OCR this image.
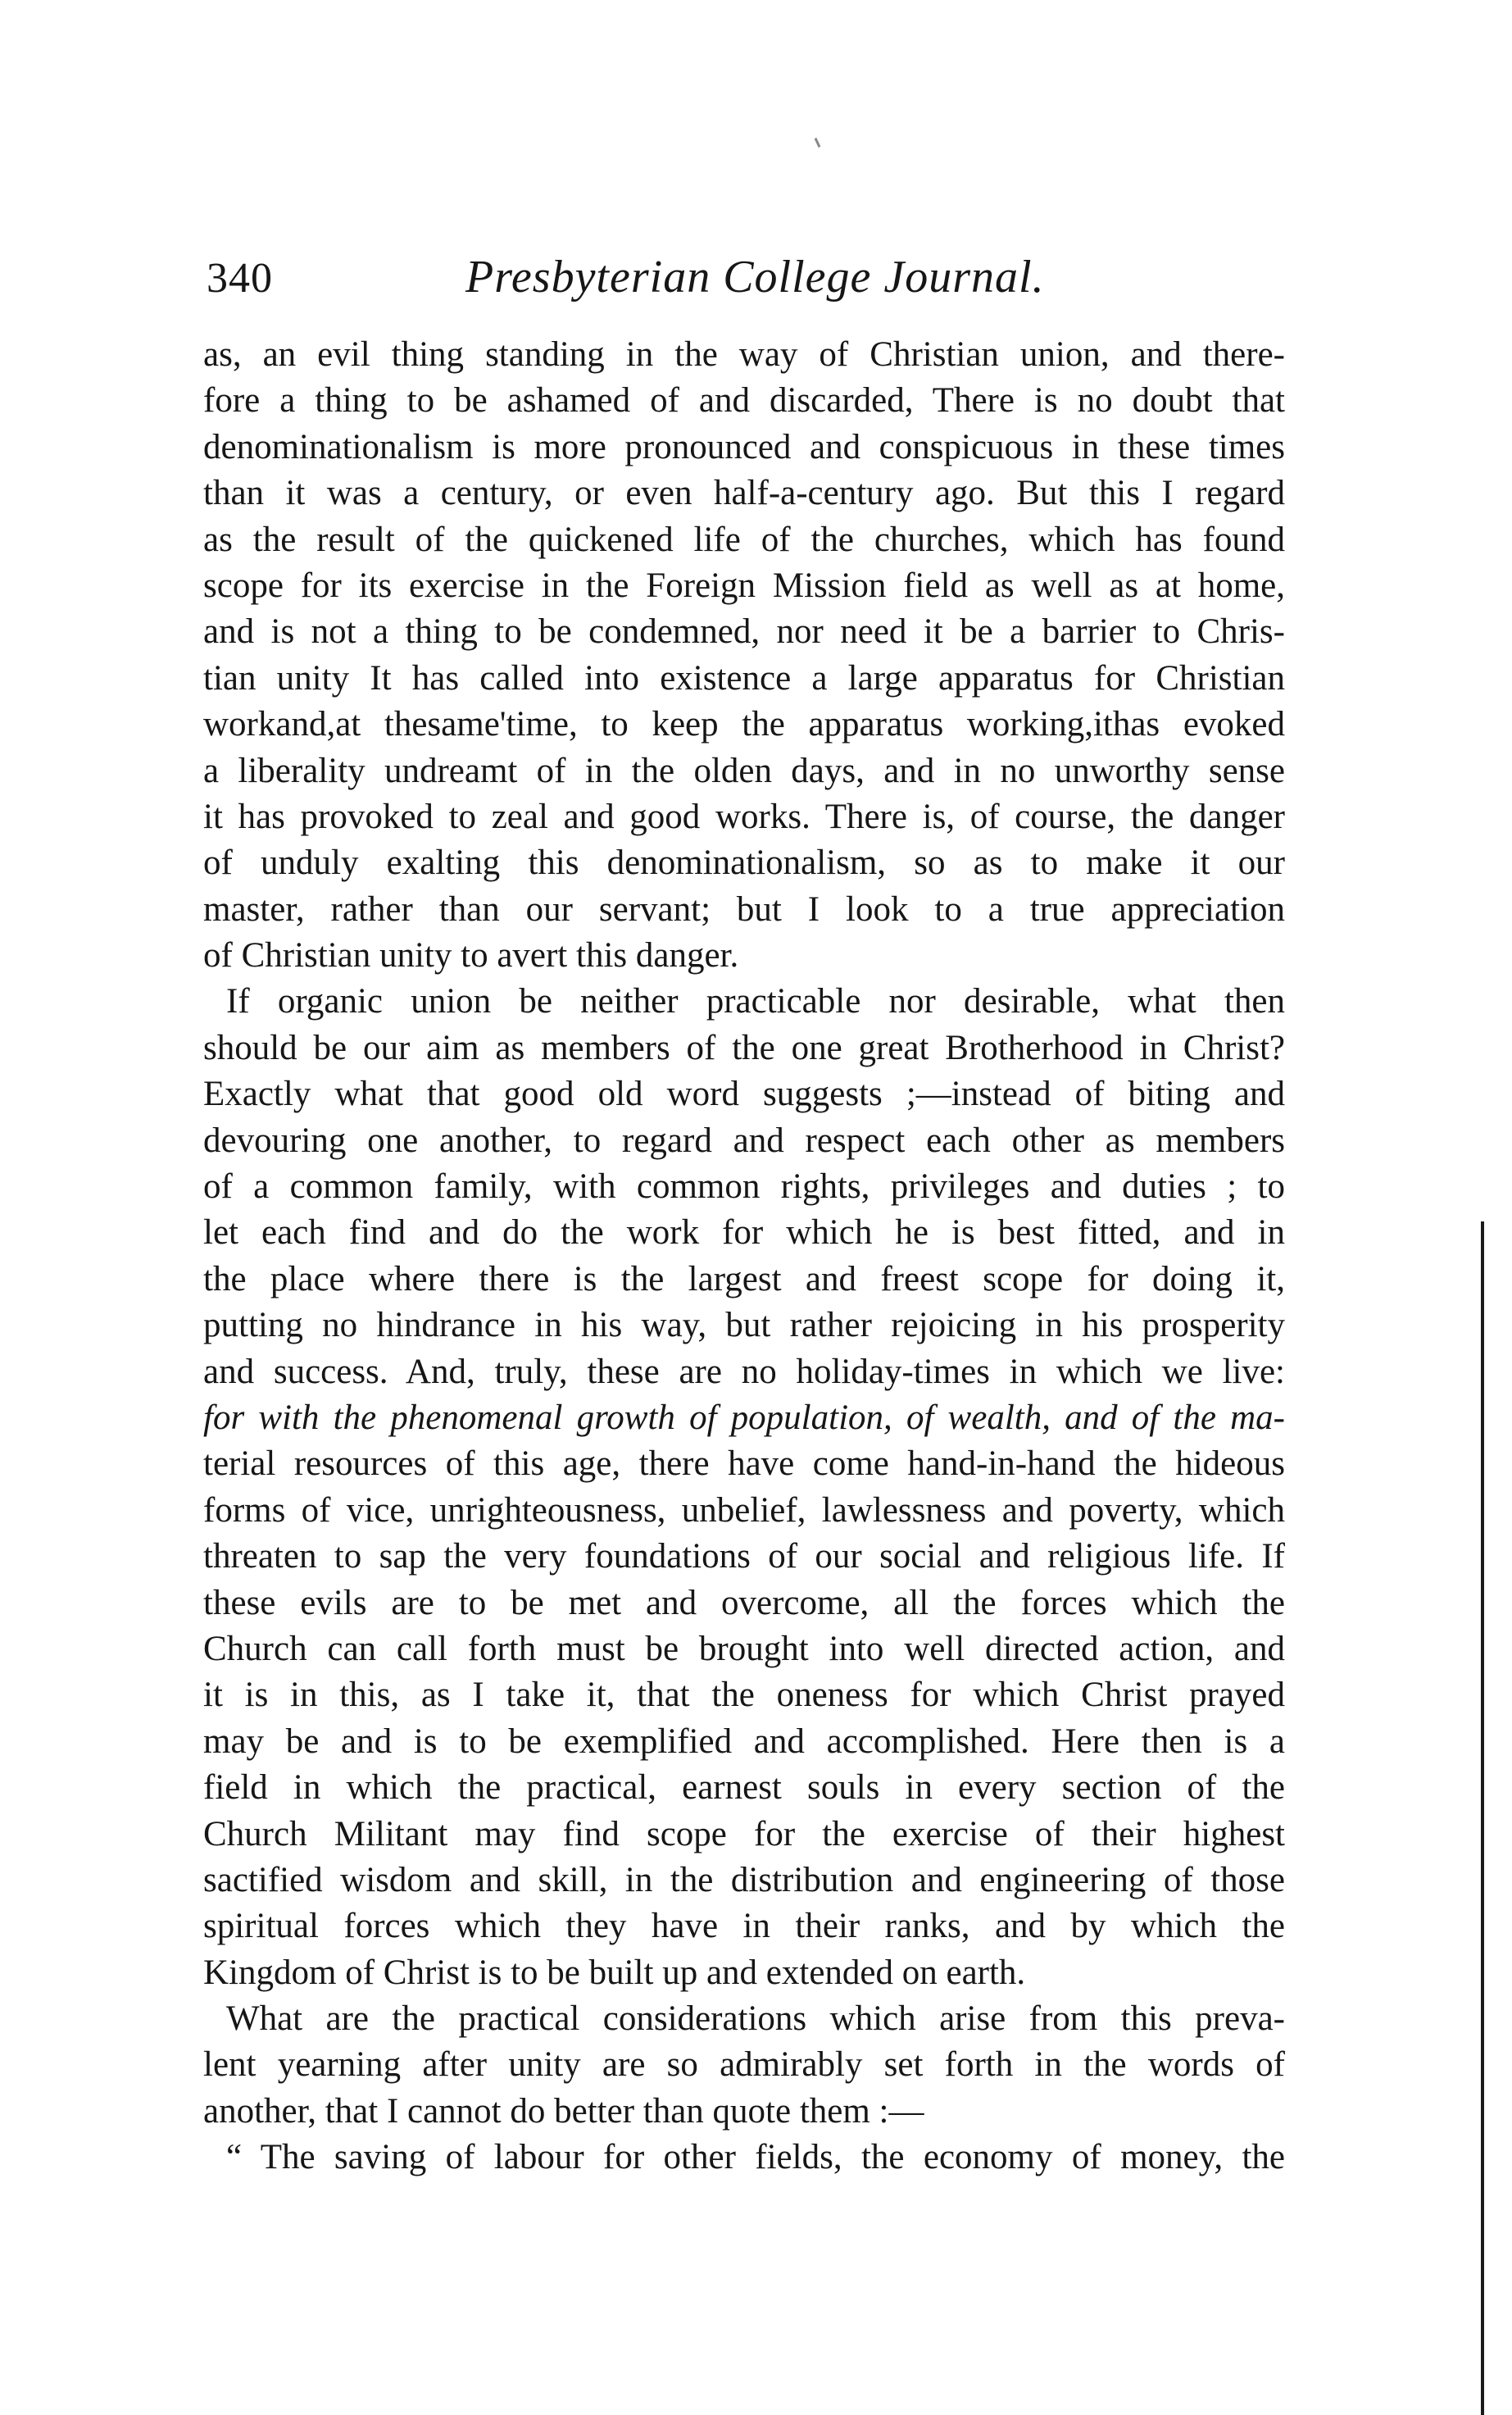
340	Presbyterian College Journal.
as, an evil thing standing in the way of Christian union, and there-
fore a thing to be ashamed of and discarded, There is no doubt that
denominationalism is more pronounced and conspicuous in these times
than it was a century, or even half-a-century ago. But this I regard
as the result of the quickened life of the churches, which has found
scope for its exercise in the Foreign Mission field as well as at home,
and is not a thing to be condemned, nor need it be a barrier to Chris-
tian unity It has called into existence a large apparatus for Christian
workand,at thesame'time, to keep the apparatus working,ithas evoked
a liberality undreamt of in the olden days, and in no unworthy sense
it has provoked to zeal and good works. There is, of course, the danger
of unduly exalting this denominationalism, so as to make it our
master, rather than our servant; but I look to a true appreciation
of Christian unity to avert this danger.
If organic union be neither practicable nor desirable, what then
should be our aim as members of the one great Brotherhood in Christ?
Exactly what that good old word suggests ;—instead of biting and
devouring one another, to regard and respect each other as members
of a common family, with common rights, privileges and duties ; to
let each find and do the work for which he is best fitted, and in
the place where there is the largest and freest scope for doing it,
putting no hindrance in his way, but rather rejoicing in his prosperity
and success. And, truly, these are no holiday-times in which we live:
for with the phenomenal growth of population, of wealth, and of the ma-
terial resources of this age, there have come hand-in-hand the hideous
forms of vice, unrighteousness, unbelief, lawlessness and poverty, which
threaten to sap the very foundations of our social and religious life. If
these evils are to be met and overcome, all the forces which the
Church can call forth must be brought into well directed action, and
it is in this, as I take it, that the oneness for which Christ prayed
may be and is to be exemplified and accomplished. Here then is a
field in which the practical, earnest souls in every section of the
Church Militant may find scope for the exercise of their highest
sactified wisdom and skill, in the distribution and engineering of those
spiritual forces which they have in their ranks, and by which the
Kingdom of Christ is to be built up and extended on earth.
What are the practical considerations which arise from this preva-
lent yearning after unity are so admirably set forth in the words of
another, that I cannot do better than quote them :—
“ The saving of labour for other fields, the economy of money, the
